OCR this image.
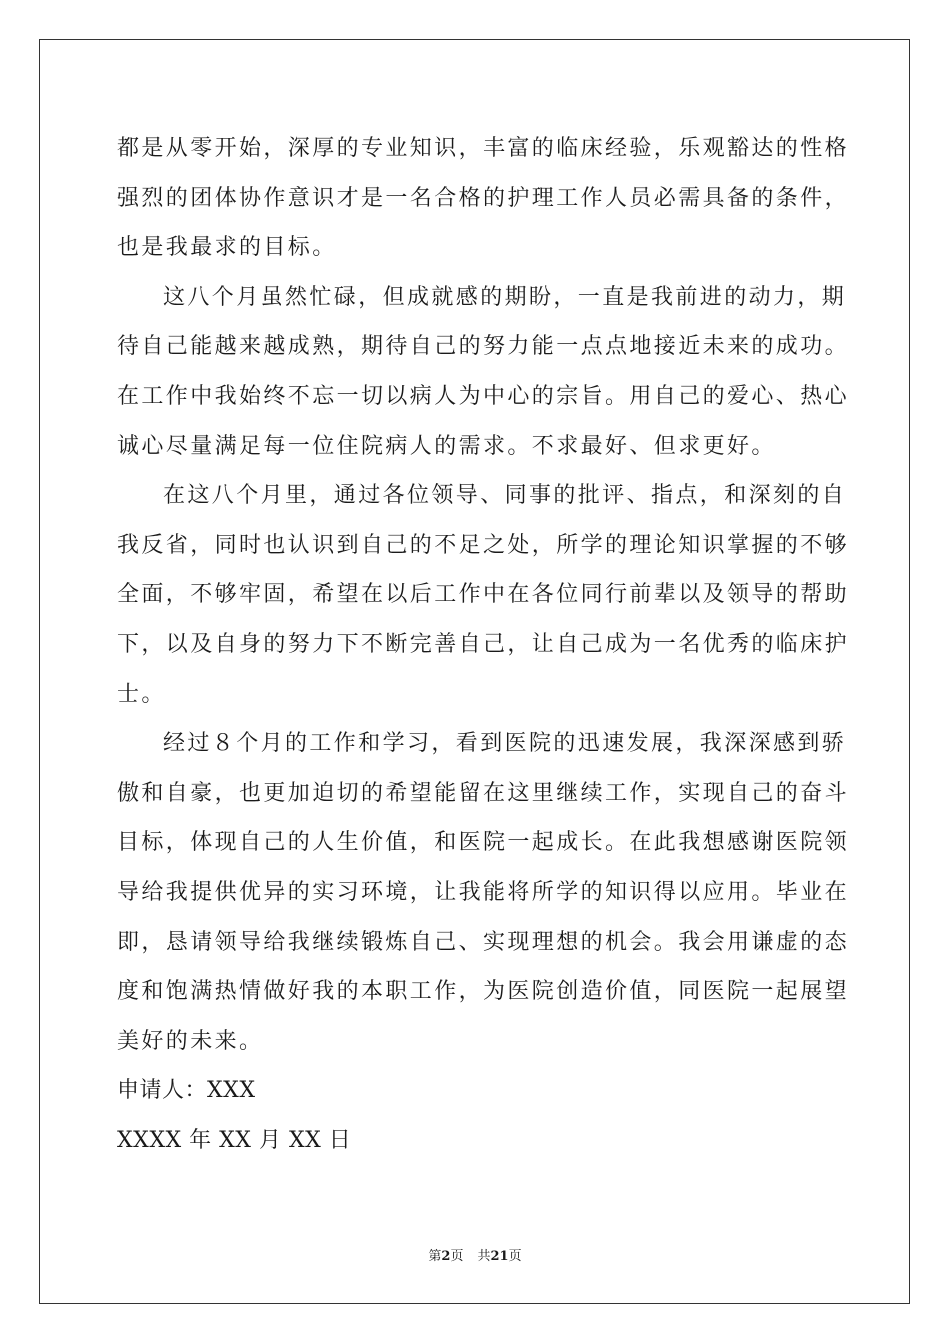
都是从零开始，深厚的专业知识，丰富的临床经验，乐观豁达的性格
强烈的团体协作意识才是一名合格的护理工作人员必需具备的条件，
也是我最求的目标。
这八个月虽然忙碌，但成就感的期盼，一直是我前进的动力，期
待自己能越来越成熟，期待自己的努力能一点点地接近未来的成功。
在工作中我始终不忘一切以病人为中心的宗旨。用自己的爱心、热心
诚心尽量满足每一位住院病人的需求。不求最好、但求更好。
在这八个月里，通过各位领导、同事的批评、指点，和深刻的自
我反省，同时也认识到自己的不足之处，所学的理论知识掌握的不够
全面，不够牢固，希望在以后工作中在各位同行前辈以及领导的帮助
下，以及自身的努力下不断完善自己，让自己成为一名优秀的临床护
士。
经过８个月的工作和学习，看到医院的迅速发展，我深深感到骄
傲和自豪，也更加迫切的希望能留在这里继续工作，实现自己的奋斗
目标，体现自己的人生价值，和医院一起成长。在此我想感谢医院领
导给我提供优异的实习环境，让我能将所学的知识得以应用。毕业在
即，恳请领导给我继续锻炼自己、实现理想的机会。我会用谦虚的态
度和饱满热情做好我的本职工作，为医院创造价值，同医院一起展望
美好的未来。
申请人：XXX
XXXX 年 XX 月 XX 日
第2页 共21页
